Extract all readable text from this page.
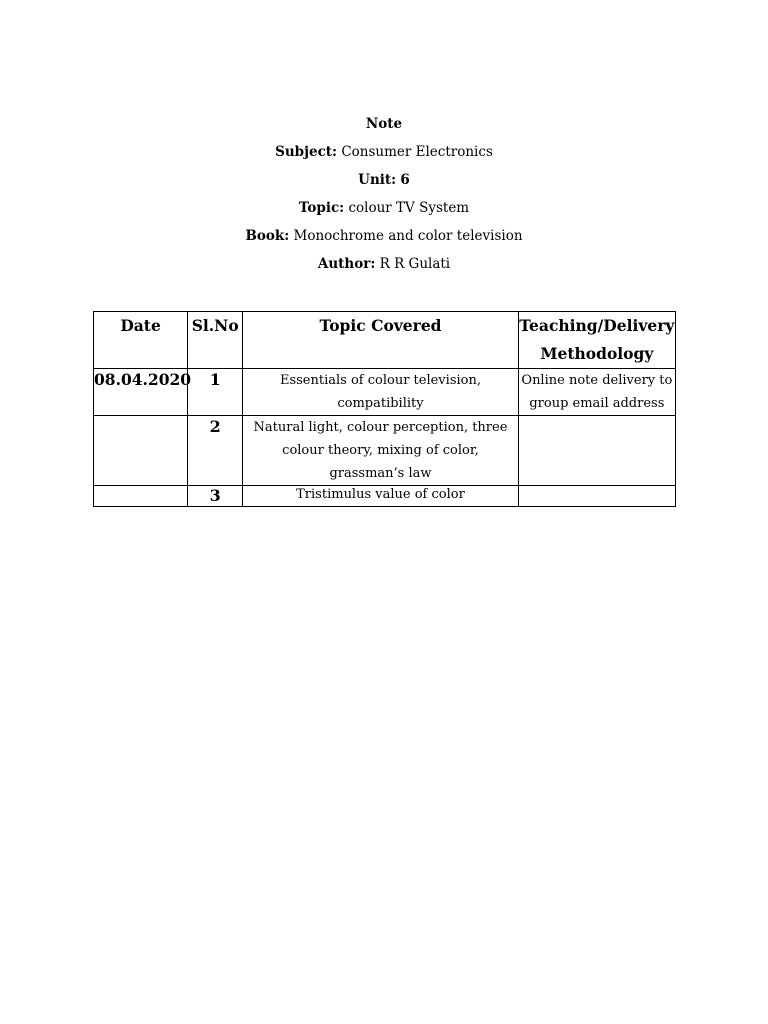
Note
Subject: Consumer Electronics
Unit: 6
Topic: colour TV System
Book: Monochrome and color television
Author: R R Gulati
Date	Sl.No	Topic Covered	Teaching/Delivery Methodology
08.04.2020	1	Essentials of colour television, compatibility	Online note delivery to group email address
	2	Natural light, colour perception, three colour theory, mixing of color, grassman’s law	
	3	Tristimulus value of color	
